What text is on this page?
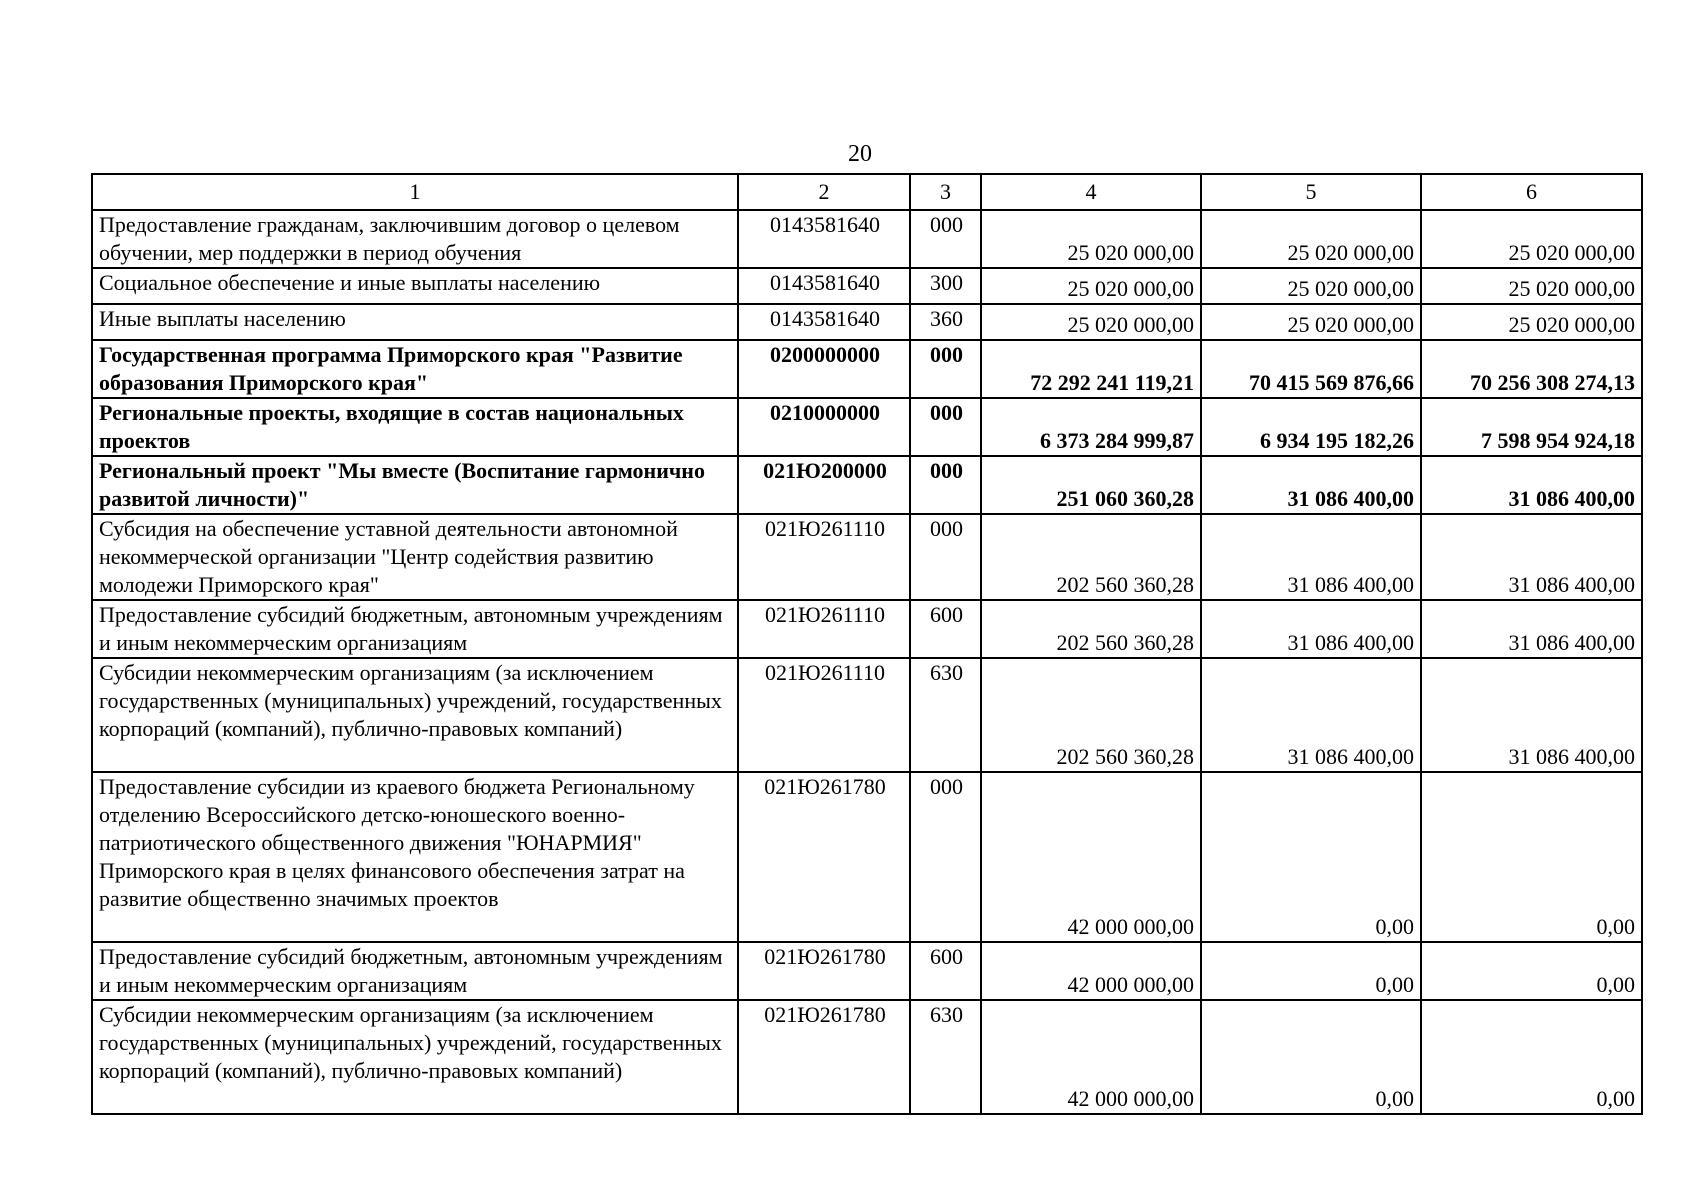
20
1	2	3	4	5	6
Предоставление гражданам, заключившим договор о целевом обучении, мер поддержки в период обучения	0143581640	000	25 020 000,00	25 020 000,00	25 020 000,00
Социальное обеспечение и иные выплаты населению	0143581640	300	25 020 000,00	25 020 000,00	25 020 000,00
Иные выплаты населению	0143581640	360	25 020 000,00	25 020 000,00	25 020 000,00
Государственная программа Приморского края "Развитие образования Приморского края"	0200000000	000	72 292 241 119,21	70 415 569 876,66	70 256 308 274,13
Региональные проекты, входящие в состав национальных проектов	0210000000	000	6 373 284 999,87	6 934 195 182,26	7 598 954 924,18
Региональный проект "Мы вместе (Воспитание гармонично развитой личности)"	021Ю200000	000	251 060 360,28	31 086 400,00	31 086 400,00
Субсидия на обеспечение уставной деятельности автономной некоммерческой организации "Центр содействия развитию молодежи Приморского края"	021Ю261110	000	202 560 360,28	31 086 400,00	31 086 400,00
Предоставление субсидий бюджетным, автономным учреждениям и иным некоммерческим организациям	021Ю261110	600	202 560 360,28	31 086 400,00	31 086 400,00
Субсидии некоммерческим организациям (за исключением государственных (муниципальных) учреждений, государственных корпораций (компаний), публично-правовых компаний)	021Ю261110	630	202 560 360,28	31 086 400,00	31 086 400,00
Предоставление субсидии из краевого бюджета Региональному отделению Всероссийского детско-юношеского военно-патриотического общественного движения "ЮНАРМИЯ" Приморского края в целях финансового обеспечения затрат на развитие общественно значимых проектов	021Ю261780	000	42 000 000,00	0,00	0,00
Предоставление субсидий бюджетным, автономным учреждениям и иным некоммерческим организациям	021Ю261780	600	42 000 000,00	0,00	0,00
Субсидии некоммерческим организациям (за исключением государственных (муниципальных) учреждений, государственных корпораций (компаний), публично-правовых компаний)	021Ю261780	630	42 000 000,00	0,00	0,00
